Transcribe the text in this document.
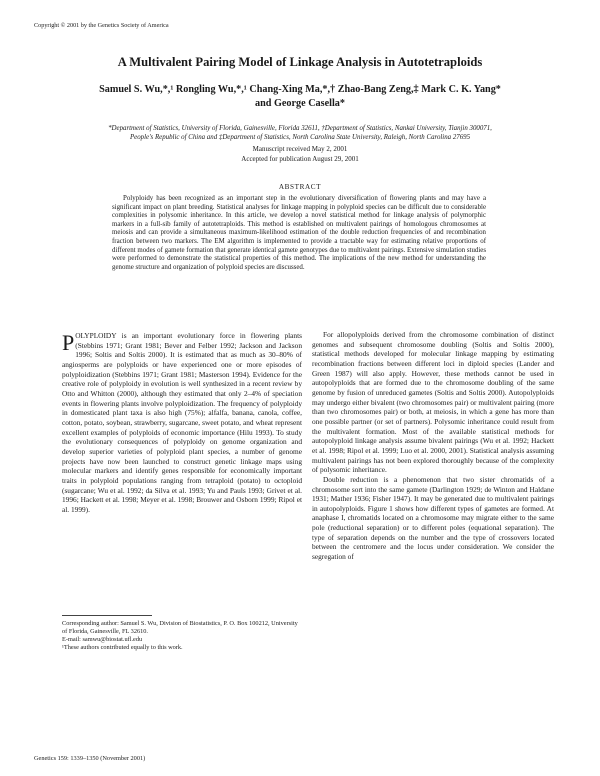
Copyright © 2001 by the Genetics Society of America
A Multivalent Pairing Model of Linkage Analysis in Autotetraploids
Samuel S. Wu,*,¹ Rongling Wu,*,¹ Chang-Xing Ma,*,† Zhao-Bang Zeng,‡ Mark C. K. Yang*
and George Casella*
*Department of Statistics, University of Florida, Gainesville, Florida 32611, †Department of Statistics, Nankai University, Tianjin 300071,
People's Republic of China and ‡Department of Statistics, North Carolina State University, Raleigh, North Carolina 27695
Manuscript received May 2, 2001
Accepted for publication August 29, 2001
ABSTRACT

Polyploidy has been recognized as an important step in the evolutionary diversification of flowering plants and may have a significant impact on plant breeding. Statistical analyses for linkage mapping in polyploid species can be difficult due to considerable complexities in polysomic inheritance. In this article, we develop a novel statistical method for linkage analysis of polymorphic markers in a full-sib family of autotetraploids. This method is established on multivalent pairings of homologous chromosomes at meiosis and can provide a simultaneous maximum-likelihood estimation of the double reduction frequencies of and recombination fraction between two markers. The EM algorithm is implemented to provide a tractable way for estimating relative proportions of different modes of gamete formation that generate identical gamete genotypes due to multivalent pairings. Extensive simulation studies were performed to demonstrate the statistical properties of this method. The implications of the new method for understanding the genome structure and organization of polyploid species are discussed.

POLYPLOIDY is an important evolutionary force in flowering plants (Stebbins 1971; Grant 1981; Bever and Felber 1992; Jackson and Jackson 1996; Soltis and Soltis 2000). It is estimated that as much as 30–80% of angiosperms are polyploids or have experienced one or more episodes of polyploidization (Stebbins 1971; Grant 1981; Masterson 1994). Evidence for the creative role of polyploidy in evolution is well synthesized in a recent review by Otto and Whitton (2000), although they estimated that only 2–4% of speciation events in flowering plants involve polyploidization. The frequency of polyploidy in domesticated plant taxa is also high (75%); alfalfa, banana, canola, coffee, cotton, potato, soybean, strawberry, sugarcane, sweet potato, and wheat represent excellent examples of polyploids of economic importance (Hilu 1993). To study the evolutionary consequences of polyploidy on genome organization and develop superior varieties of polyploid plant species, a number of genome projects have now been launched to construct genetic linkage maps using molecular markers and identify genes responsible for economically important traits in polyploid populations ranging from tetraploid (potato) to octoploid (sugarcane; Wu et al. 1992; da Silva et al. 1993; Yu and Pauls 1993; Grivet et al. 1996; Hackett et al. 1998; Meyer et al. 1998; Brouwer and Osborn 1999; Ripol et al. 1999).

For allopolyploids derived from the chromosome combination of distinct genomes and subsequent chromosome doubling (Soltis and Soltis 2000), statistical methods developed for molecular linkage mapping by estimating recombination fractions between different loci in diploid species (Lander and Green 1987) will also apply. However, these methods cannot be used in autopolyploids that are formed due to the chromosome doubling of the same genome by fusion of unreduced gametes (Soltis and Soltis 2000). Autopolyploids may undergo either bivalent (two chromosomes pair) or multivalent pairing (more than two chromosomes pair) or both, at meiosis, in which a gene has more than one possible partner (or set of partners). Polysomic inheritance could result from the multivalent formation. Most of the available statistical methods for autopolyploid linkage analysis assume bivalent pairings (Wu et al. 1992; Hackett et al. 1998; Ripol et al. 1999; Luo et al. 2000, 2001). Statistical analysis assuming multivalent pairings has not been explored thoroughly because of the complexity of polysomic inheritance.

Double reduction is a phenomenon that two sister chromatids of a chromosome sort into the same gamete (Darlington 1929; de Winton and Haldane 1931; Mather 1936; Fisher 1947). It may be generated due to multivalent pairings in autopolyploids. Figure 1 shows how different types of gametes are formed. At anaphase I, chromatids located on a chromosome may migrate either to the same pole (reductional separation) or to different poles (equational separation). The type of separation depends on the number and the type of crossovers located between the centromere and the locus under consideration. We consider the segregation of

Corresponding author: Samuel S. Wu, Division of Biostatistics, P. O. Box 100212, University of Florida, Gainesville, FL 32610.
E-mail: samwu@biostat.ufl.edu
¹These authors contributed equally to this work.
Genetics 159: 1339–1350 (November 2001)
